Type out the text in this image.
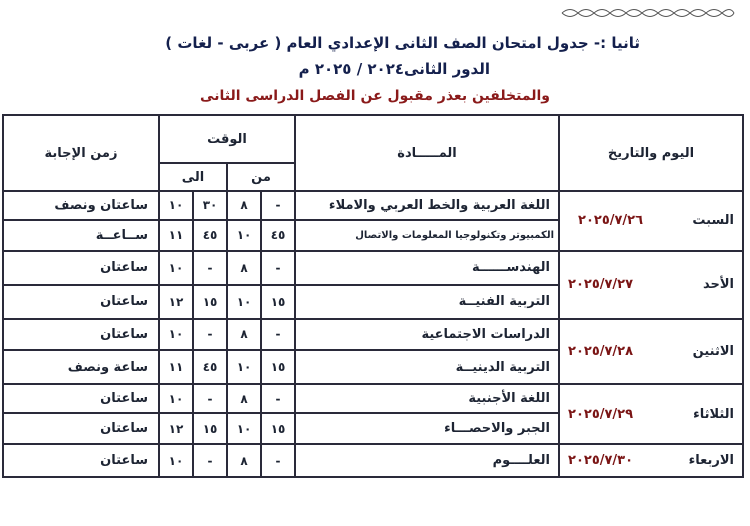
ثانيا :- جدول امتحان الصف الثانى الإعدادي العام ( عربى - لغات )
الدور الثانى٢٠٢٤ / ٢٠٢٥ م
والمتخلفين بعذر مقبول عن الفصل الدراسى الثانى
اليوم والتاريخ	المـــــادة	الوقت				زمن الإجابة
		من		الى		

السبت
٢٠٢٥/٧/٢٦	اللغة العربية والخط العربي والاملاء	-	٨	٣٠	١٠	ساعتان ونصف
	الكمبيوتر وتكنولوجيا المعلومات والاتصال	٤٥	١٠	٤٥	١١	ســاعــة

الأحد
٢٠٢٥/٧/٢٧	الهندســــــة	-	٨	-	١٠	ساعتان
	التربية الفنيــة	١٥	١٠	١٥	١٢	ساعتان

الاثنين
٢٠٢٥/٧/٢٨	الدراسات الاجتماعية	-	٨	-	١٠	ساعتان
	التربية الدينيــة	١٥	١٠	٤٥	١١	ساعة ونصف

الثلاثاء
٢٠٢٥/٧/٢٩	اللغة الأجنبية	-	٨	-	١٠	ساعتان
	الجبر والاحصـــاء	١٥	١٠	١٥	١٢	ساعتان

الاربعاء
٢٠٢٥/٧/٣٠	العلــــوم	-	٨	-	١٠	ساعتان
